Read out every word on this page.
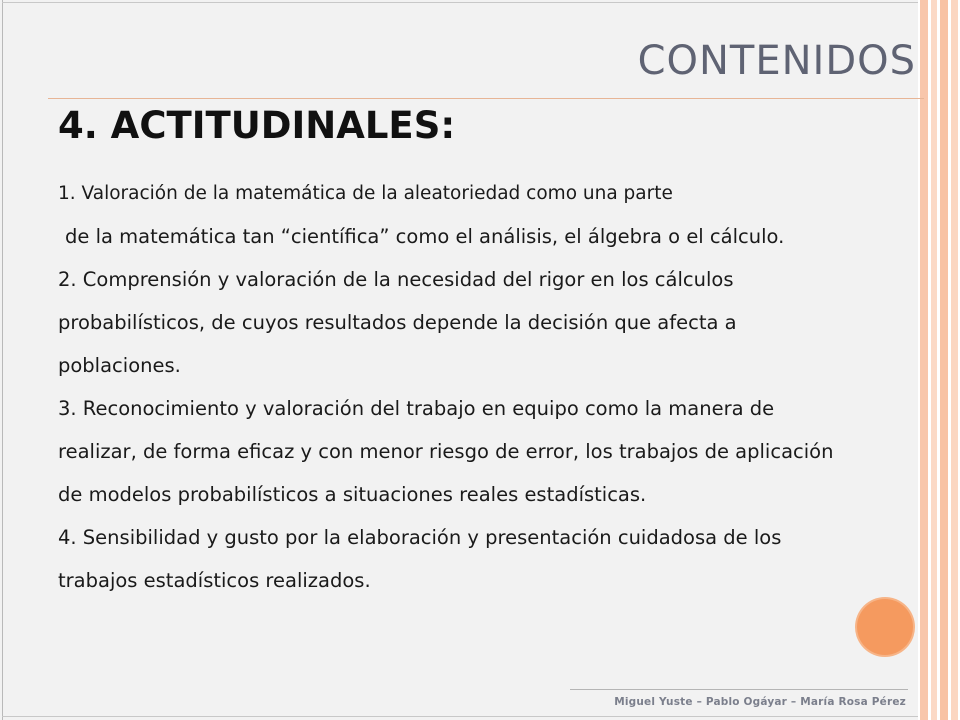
CONTENIDOS
4. ACTITUDINALES:
1. Valoración de la matemática de la aleatoriedad como una parte
de la matemática tan “científica” como el análisis, el álgebra o el cálculo.
2. Comprensión y valoración de la necesidad del rigor en los cálculos
probabilísticos, de cuyos resultados depende la decisión que afecta a
poblaciones.
3. Reconocimiento y valoración del trabajo en equipo como la manera de
realizar, de forma eficaz y con menor riesgo de error, los trabajos de aplicación
de modelos probabilísticos a situaciones reales estadísticas.
4. Sensibilidad y gusto por la elaboración y presentación cuidadosa de los
trabajos estadísticos realizados.
Miguel Yuste – Pablo Ogáyar – María Rosa Pérez
